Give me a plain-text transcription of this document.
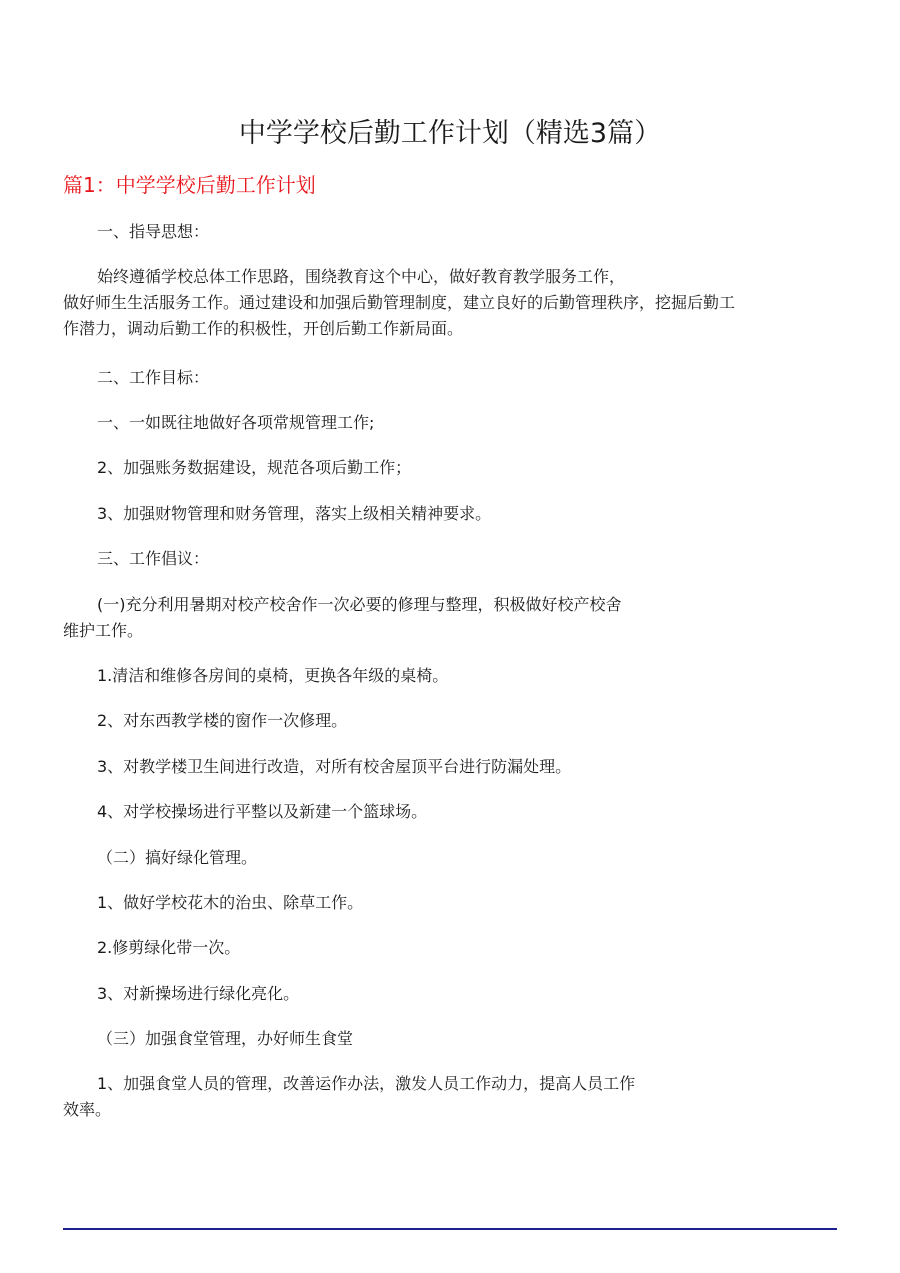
中学学校后勤工作计划（精选3篇）
篇1：中学学校后勤工作计划
一、指导思想：
始终遵循学校总体工作思路，围绕教育这个中心，做好教育教学服务工作，
做好师生生活服务工作。通过建设和加强后勤管理制度，建立良好的后勤管理秩序，挖掘后勤工
作潜力，调动后勤工作的积极性，开创后勤工作新局面。
二、工作目标：
一、一如既往地做好各项常规管理工作;
2、加强账务数据建设，规范各项后勤工作；
3、加强财物管理和财务管理，落实上级相关精神要求。
三、工作倡议：
(一)充分利用暑期对校产校舍作一次必要的修理与整理，积极做好校产校舍
维护工作。
1.清洁和维修各房间的桌椅，更换各年级的桌椅。
2、对东西教学楼的窗作一次修理。
3、对教学楼卫生间进行改造，对所有校舍屋顶平台进行防漏处理。
4、对学校操场进行平整以及新建一个篮球场。
（二）搞好绿化管理。
1、做好学校花木的治虫、除草工作。
2.修剪绿化带一次。
3、对新操场进行绿化亮化。
（三）加强食堂管理，办好师生食堂
1、加强食堂人员的管理，改善运作办法，激发人员工作动力，提高人员工作
效率。
